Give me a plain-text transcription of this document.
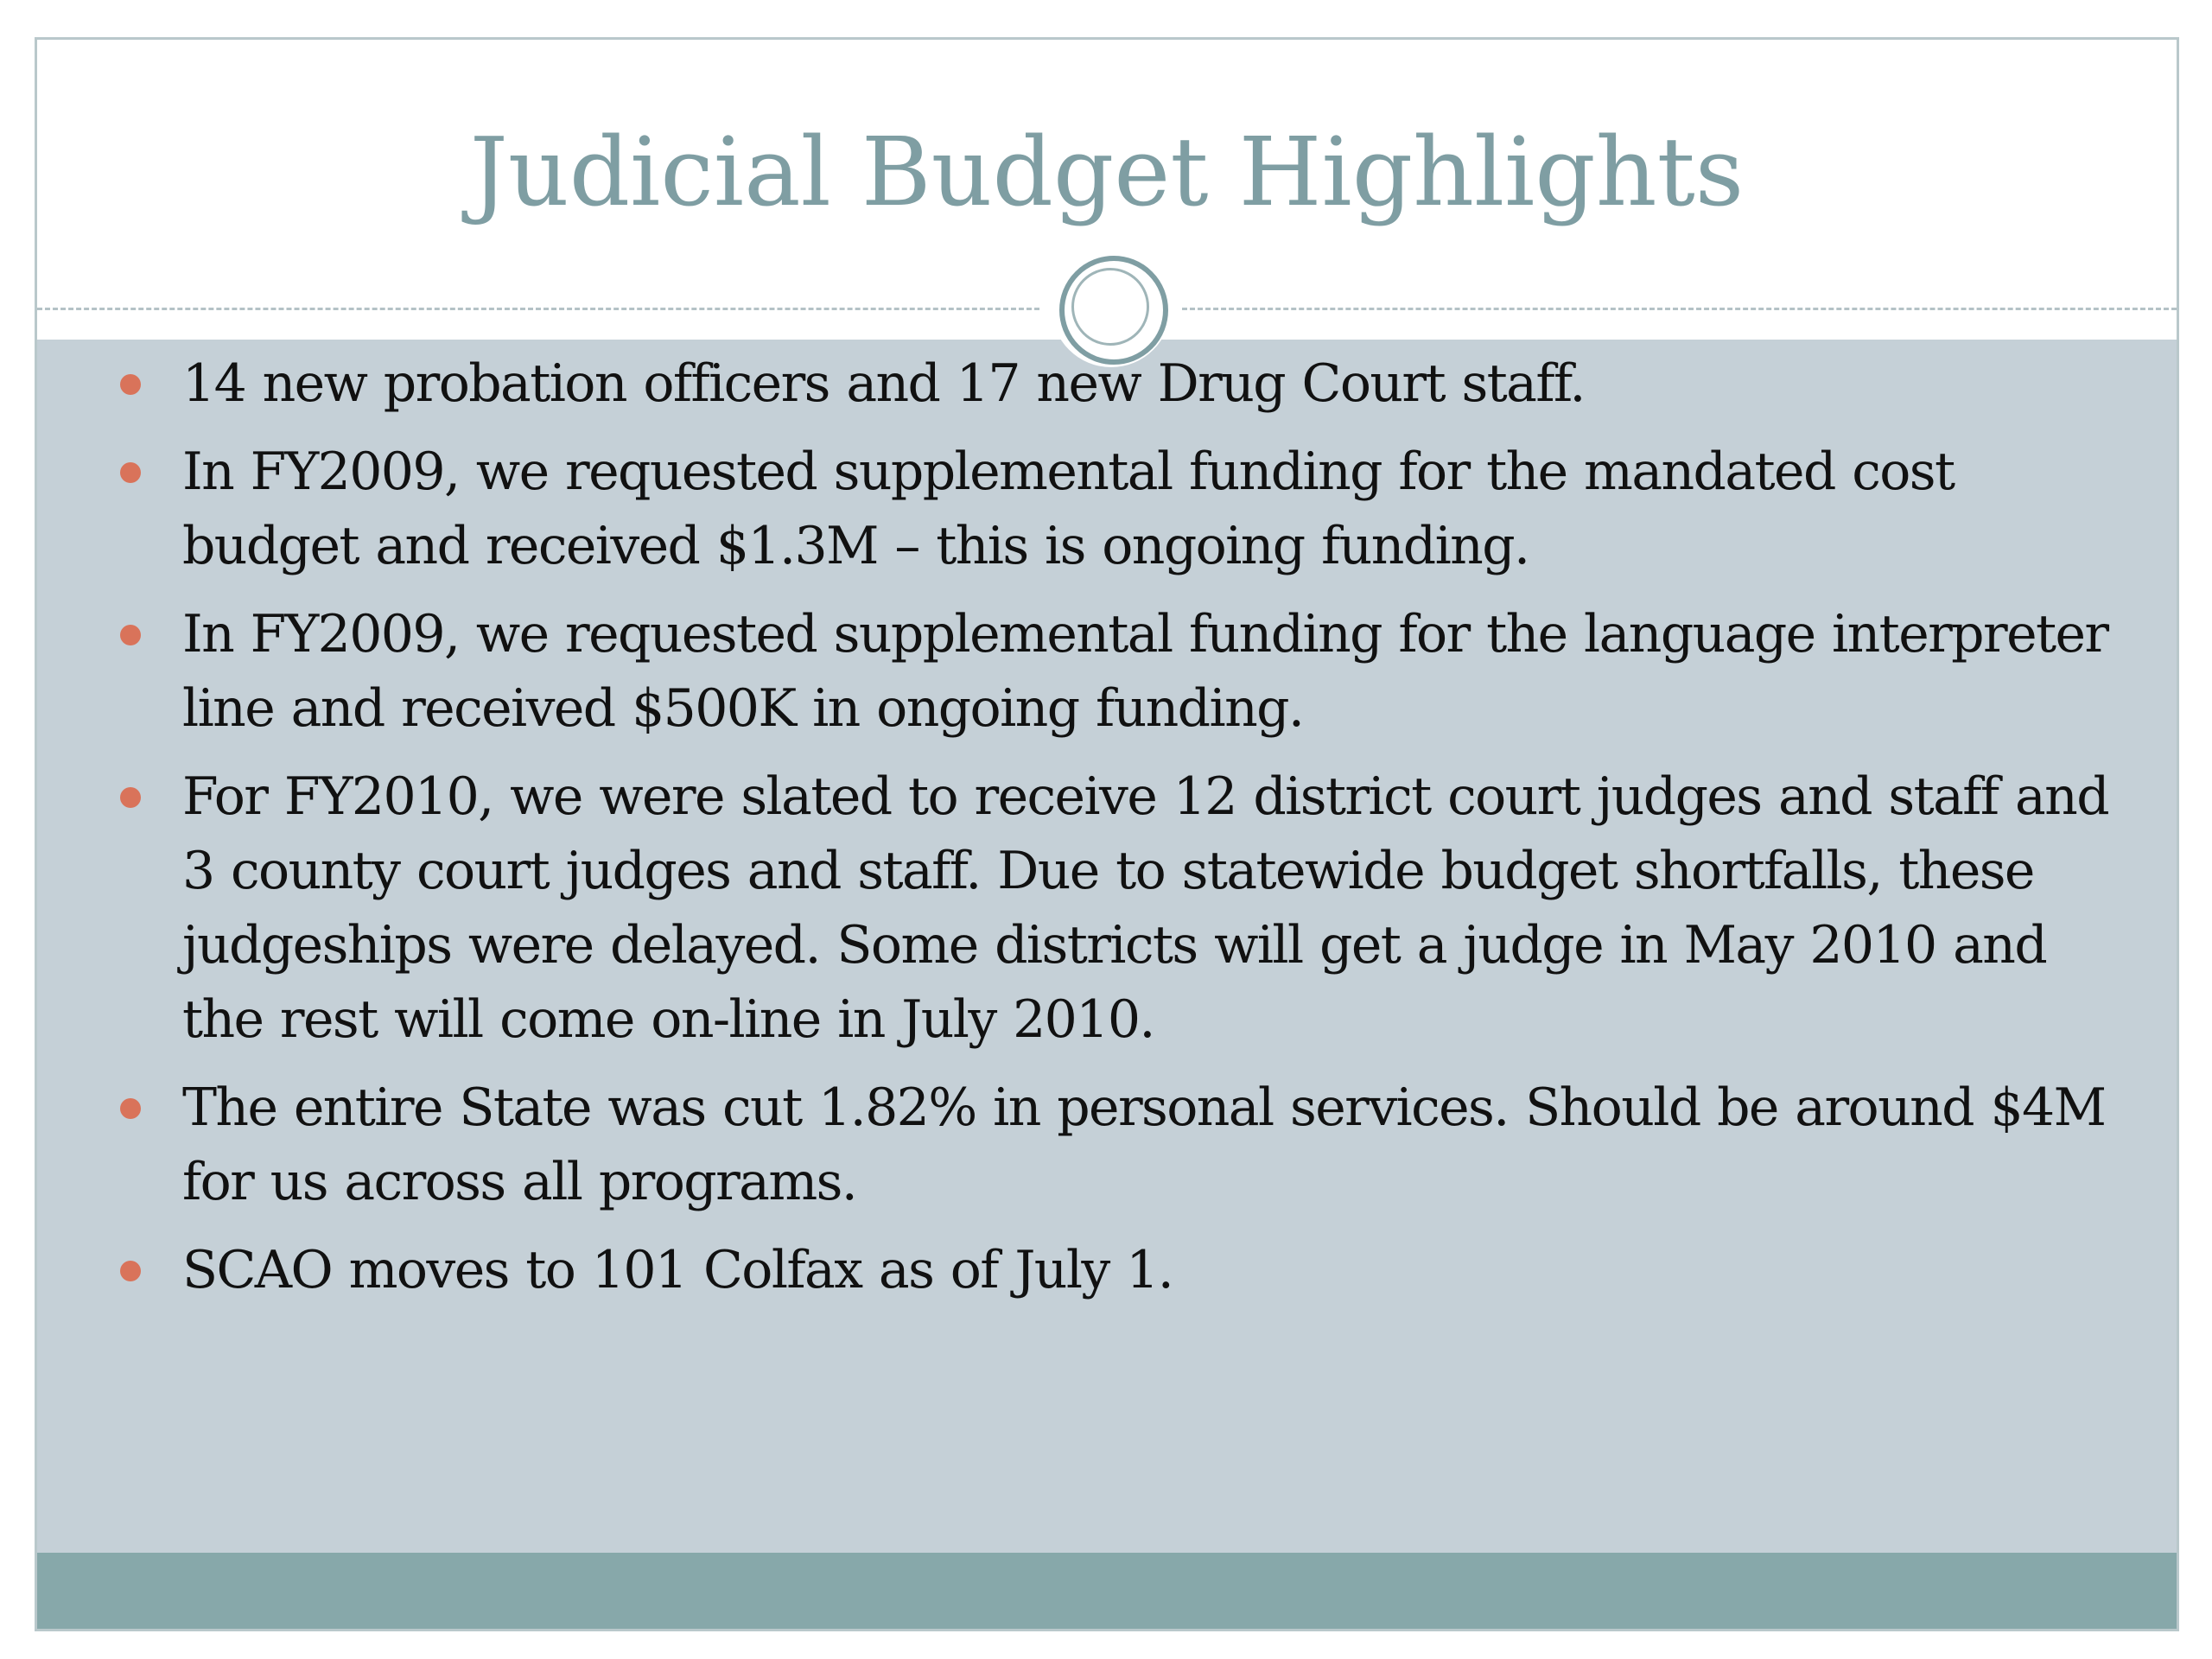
Judicial Budget Highlights
14 new probation officers and 17 new Drug Court staff.
In FY2009, we requested supplemental funding for the mandated cost budget and received $1.3M – this is ongoing funding.
In FY2009, we requested supplemental funding for the language interpreter line and received $500K in ongoing funding.
For FY2010, we were slated to receive 12 district court judges and staff and 3 county court judges and staff. Due to statewide budget shortfalls, these judgeships were delayed. Some districts will get a judge in May 2010 and the rest will come on-line in July 2010.
The entire State was cut 1.82% in personal services. Should be around $4M for us across all programs.
SCAO moves to 101 Colfax as of July 1.
